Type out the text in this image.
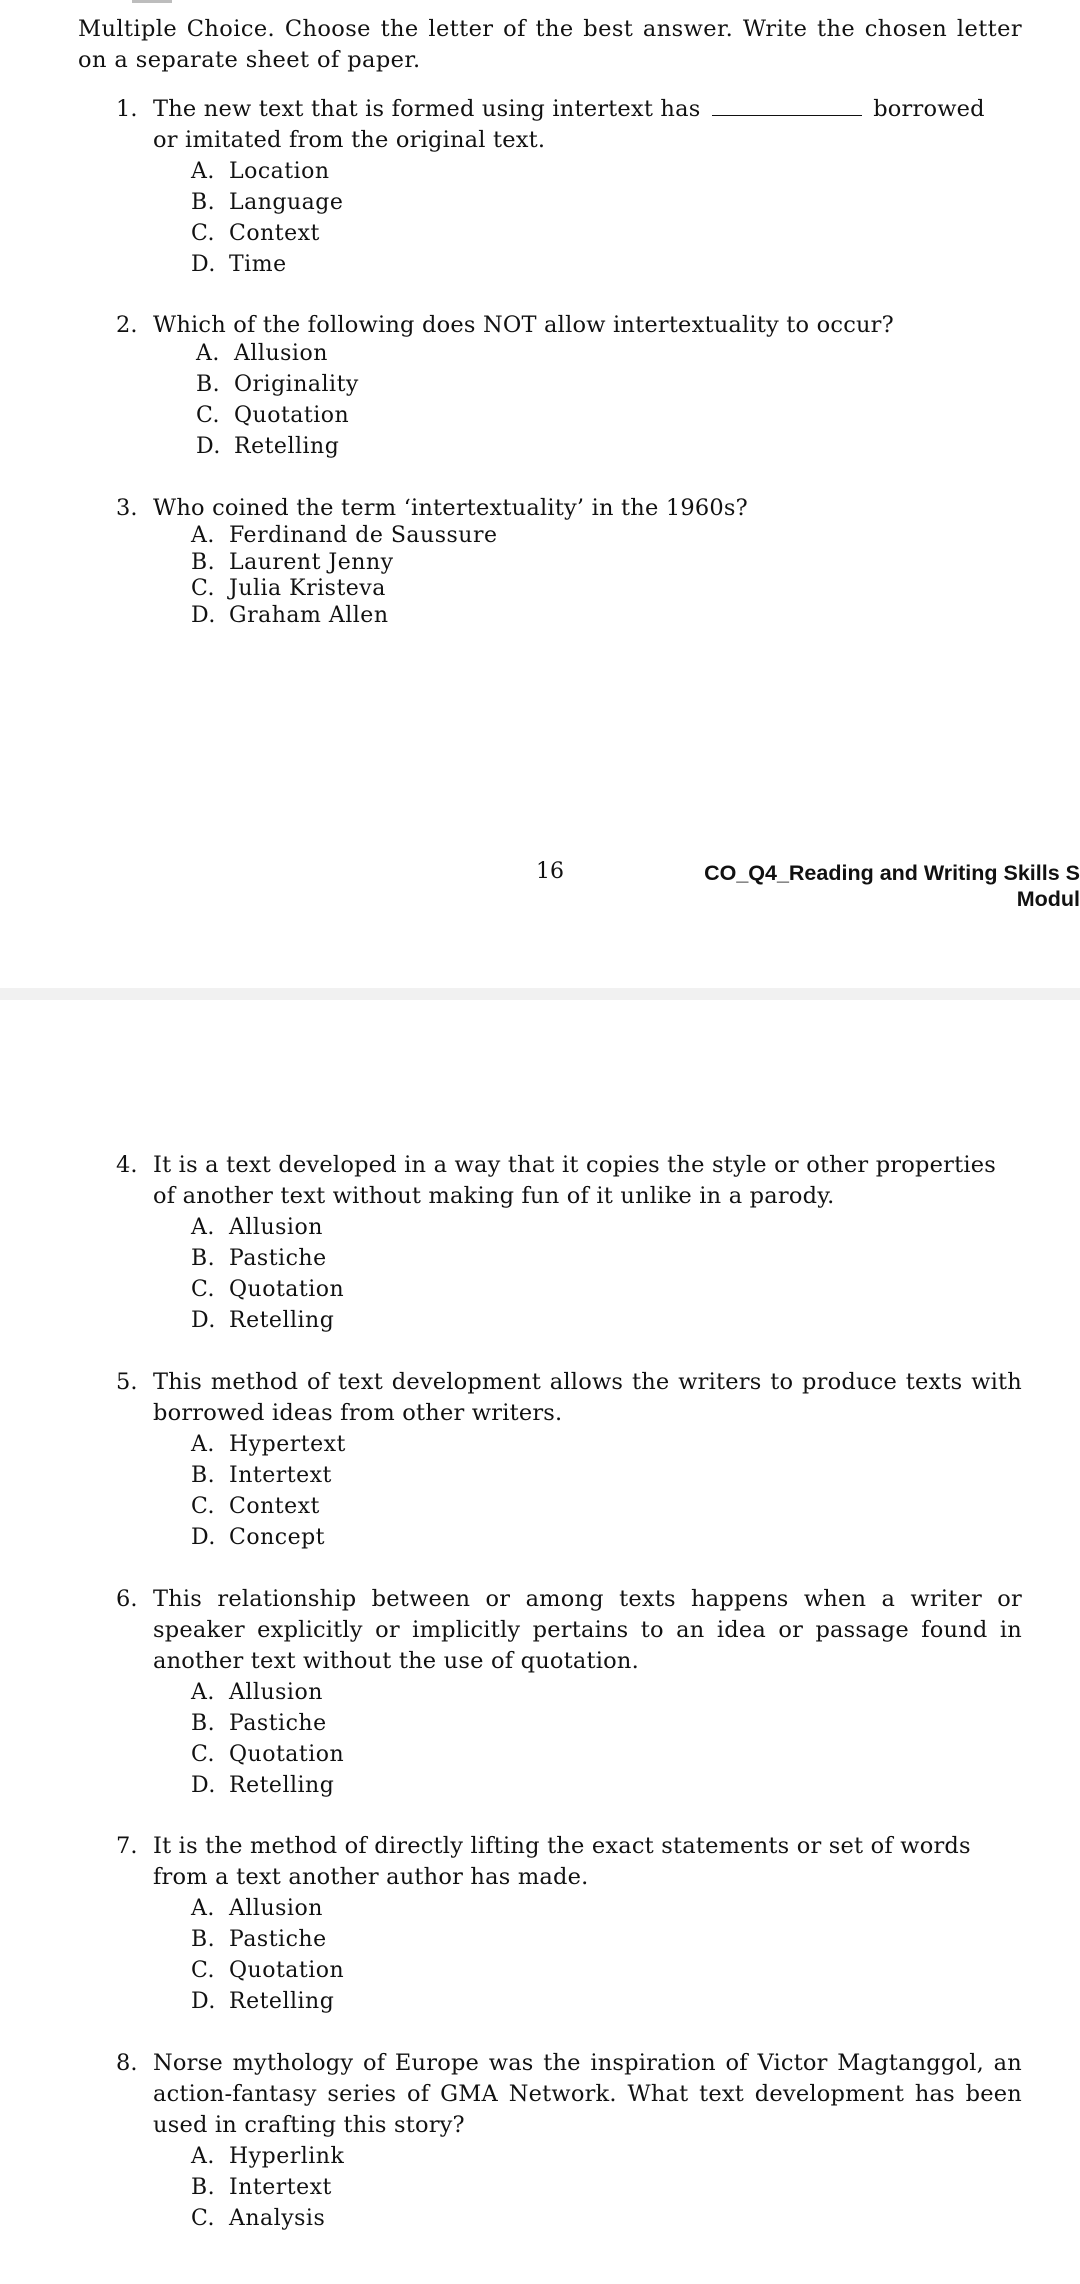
Multiple Choice. Choose the letter of the best answer. Write the chosen letter on a separate sheet of paper.

1. The new text that is formed using intertext has	borrowed
or imitated from the original text.
A. Location
B. Language
C. Context
D. Time
2. Which of the following does NOT allow intertextuality to occur?
A. Allusion
B. Originality
C. Quotation
D. Retelling
3. Who coined the term ‘intertextuality’ in the 1960s?
A. Ferdinand de Saussure
B. Laurent Jenny
C. Julia Kristeva
D. Graham Allen
16	CO_Q4_Reading and Writing Skills S
Modul
4. It is a text developed in a way that it copies the style or other properties of another text without making fun of it unlike in a parody.
A. Allusion
B. Pastiche
C. Quotation
D. Retelling
5. This method of text development allows the writers to produce texts with borrowed ideas from other writers.
A. Hypertext
B. Intertext
C. Context
D. Concept
6. This relationship between or among texts happens when a writer or speaker explicitly or implicitly pertains to an idea or passage found in another text without the use of quotation.
A. Allusion
B. Pastiche
C. Quotation
D. Retelling
7. It is the method of directly lifting the exact statements or set of words from a text another author has made.
A. Allusion
B. Pastiche
C. Quotation
D. Retelling
8. Norse mythology of Europe was the inspiration of Victor Magtanggol, an action-fantasy series of GMA Network. What text development has been used in crafting this story?
A. Hyperlink
B. Intertext
C. Analysis
